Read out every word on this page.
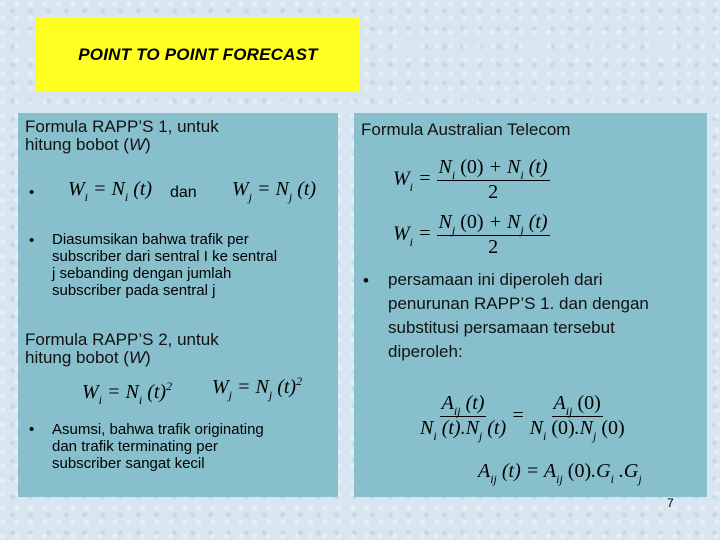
POINT TO POINT FORECAST
Formula RAPP’S 1, untuk
hitung bobot (W)
• $W_i = N_i$ (t) dan $W_j = N_j$ (t)
• Diasumsikan bahwa trafik per
subscriber dari sentral I ke sentral
j sebanding dengan jumlah
subscriber pada sentral j
Formula RAPP’S 2, untuk
hitung bobot (W)
$W_i = N_i$ $(t)^2$ $W_j = N_j$ $(t)^2$
• Asumsi, bahwa trafik originating
dan trafik terminating per
subscriber sangat kecil
Formula Australian Telecom
$W_i = \frac{N_i (0) + N_i (t)}{2}$
$W_i = \frac{N_j (0) + N_j (t)}{2}$
• persamaan ini diperoleh dari
penurunan RAPP’S 1. dan dengan
substitusi persamaan tersebut
diperoleh:
$\frac{A_{ij} (t)}{N_i (t).N_j (t)} = \frac{A_{ij} (0)}{N_i (0).N_j (0)}$
$A_{ij}$ $(t) = A_{ij}$ $(0).G_i$ $.G_j$
7
